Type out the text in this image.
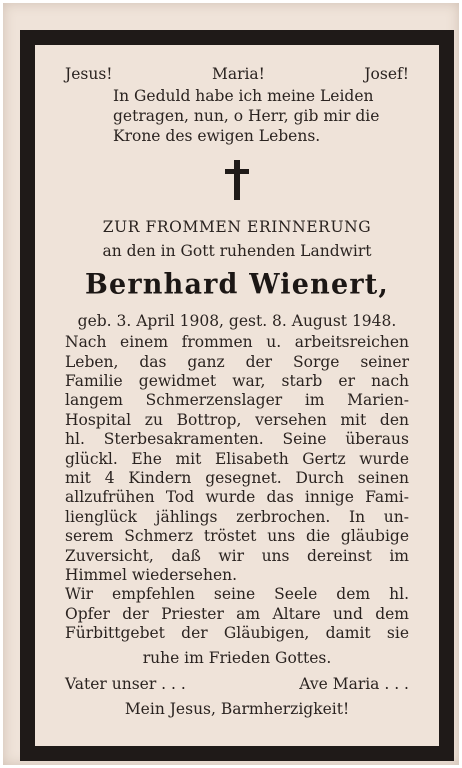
Jesus!	Maria!	Josef!
In Geduld habe ich meine Leiden
getragen, nun, o Herr, gib mir die
Krone des ewigen Lebens.
ZUR FROMMEN ERINNERUNG
an den in Gott ruhenden Landwirt
Bernhard Wienert,
geb. 3. April 1908, gest. 8. August 1948.
Nach einem frommen u. arbeitsreichen
Leben, das ganz der Sorge seiner
Familie gewidmet war, starb er nach
langem Schmerzenslager im Marien-
Hospital zu Bottrop, versehen mit den
hl. Sterbesakramenten. Seine überaus
glückl. Ehe mit Elisabeth Gertz wurde
mit 4 Kindern gesegnet. Durch seinen
allzufrühen Tod wurde das innige Fami-
lienglück jählings zerbrochen. In un-
serem Schmerz tröstet uns die gläubige
Zuversicht, daß wir uns dereinst im
Himmel wiedersehen.
Wir empfehlen seine Seele dem hl.
Opfer der Priester am Altare und dem
Fürbittgebet der Gläubigen, damit sie
ruhe im Frieden Gottes.
Vater unser . . .	Ave Maria . . .
Mein Jesus, Barmherzigkeit!
